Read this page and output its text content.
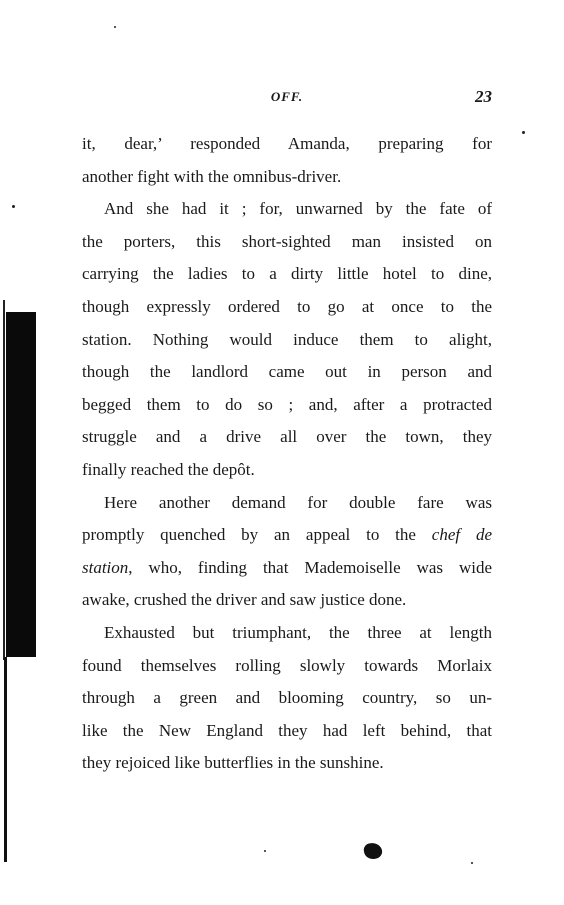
OFF.	23
it, dear,’ responded Amanda, preparing for
another fight with the omnibus-driver.
And she had it ; for, unwarned by the fate of
the porters, this short-sighted man insisted on
carrying the ladies to a dirty little hotel to dine,
though expressly ordered to go at once to the
station. Nothing would induce them to alight,
though the landlord came out in person and
begged them to do so ; and, after a protracted
struggle and a drive all over the town, they
finally reached the depôt.
Here another demand for double fare was
promptly quenched by an appeal to the chef de
station, who, finding that Mademoiselle was wide
awake, crushed the driver and saw justice done.
Exhausted but triumphant, the three at length
found themselves rolling slowly towards Morlaix
through a green and blooming country, so un-
like the New England they had left behind, that
they rejoiced like butterflies in the sunshine.
